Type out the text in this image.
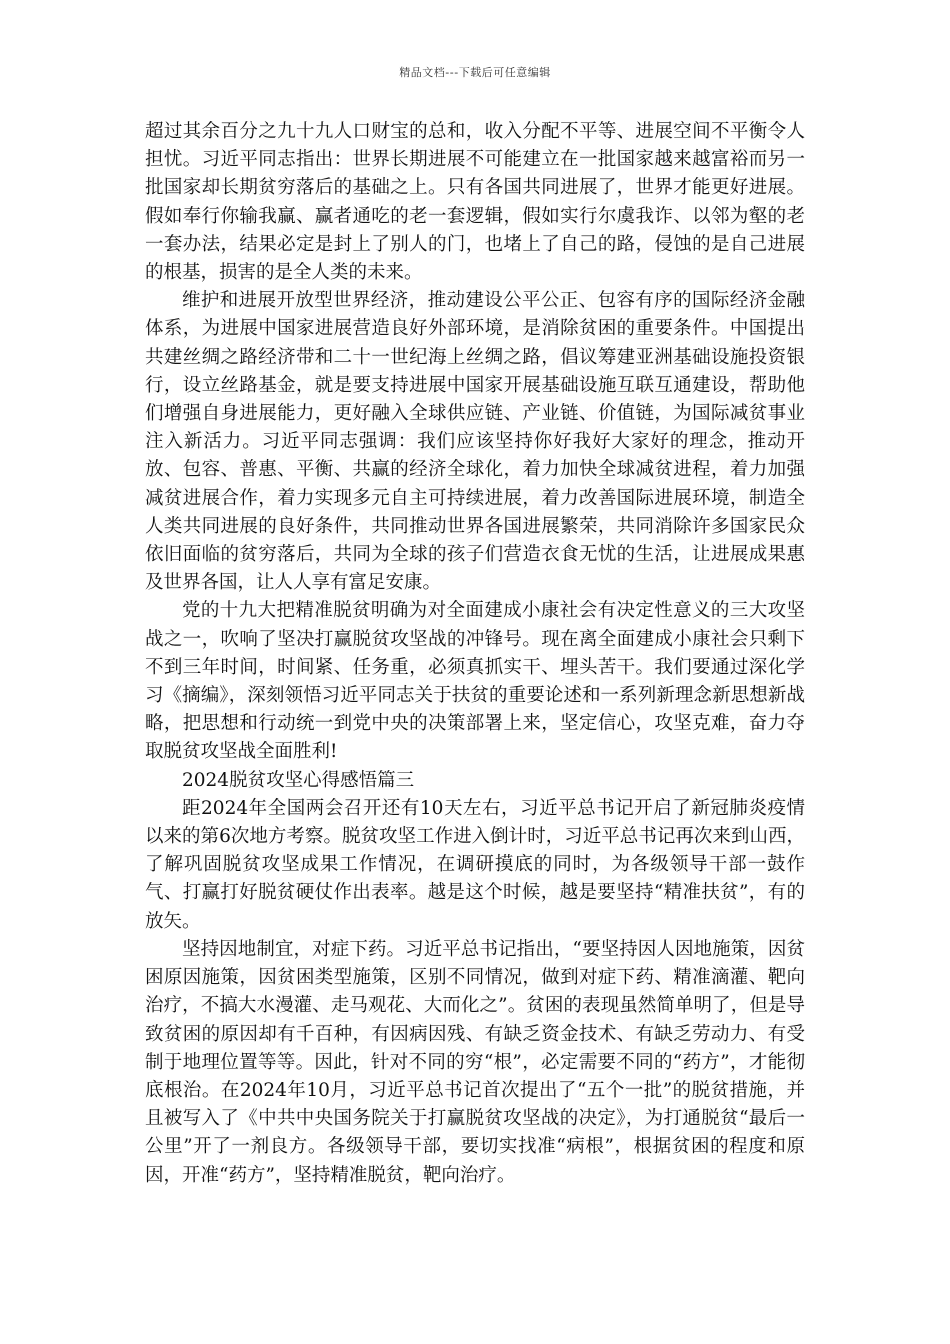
精品文档---下载后可任意编辑

超过其余百分之九十九人口财宝的总和，收入分配不平等、进展空间不平衡令人担忧。习近平同志指出：世界长期进展不可能建立在一批国家越来越富裕而另一批国家却长期贫穷落后的基础之上。只有各国共同进展了，世界才能更好进展。假如奉行你输我赢、赢者通吃的老一套逻辑，假如实行尔虞我诈、以邻为壑的老一套办法，结果必定是封上了别人的门，也堵上了自己的路，侵蚀的是自己进展的根基，损害的是全人类的未来。

维护和进展开放型世界经济，推动建设公平公正、包容有序的国际经济金融体系，为进展中国家进展营造良好外部环境，是消除贫困的重要条件。中国提出共建丝绸之路经济带和二十一世纪海上丝绸之路，倡议筹建亚洲基础设施投资银行，设立丝路基金，就是要支持进展中国家开展基础设施互联互通建设，帮助他们增强自身进展能力，更好融入全球供应链、产业链、价值链，为国际减贫事业注入新活力。习近平同志强调：我们应该坚持你好我好大家好的理念，推动开放、包容、普惠、平衡、共赢的经济全球化，着力加快全球减贫进程，着力加强减贫进展合作，着力实现多元自主可持续进展，着力改善国际进展环境，制造全人类共同进展的良好条件，共同推动世界各国进展繁荣，共同消除许多国家民众依旧面临的贫穷落后，共同为全球的孩子们营造衣食无忧的生活，让进展成果惠及世界各国，让人人享有富足安康。

党的十九大把精准脱贫明确为对全面建成小康社会有决定性意义的三大攻坚战之一，吹响了坚决打赢脱贫攻坚战的冲锋号。现在离全面建成小康社会只剩下不到三年时间，时间紧、任务重，必须真抓实干、埋头苦干。我们要通过深化学习《摘编》，深刻领悟习近平同志关于扶贫的重要论述和一系列新理念新思想新战略，把思想和行动统一到党中央的决策部署上来，坚定信心，攻坚克难，奋力夺取脱贫攻坚战全面胜利!

2024脱贫攻坚心得感悟篇三

距2024年全国两会召开还有10天左右，习近平总书记开启了新冠肺炎疫情以来的第6次地方考察。脱贫攻坚工作进入倒计时，习近平总书记再次来到山西，了解巩固脱贫攻坚成果工作情况，在调研摸底的同时，为各级领导干部一鼓作气、打赢打好脱贫硬仗作出表率。越是这个时候，越是要坚持“精准扶贫”，有的放矢。

坚持因地制宜，对症下药。习近平总书记指出，“要坚持因人因地施策，因贫困原因施策，因贫困类型施策，区别不同情况，做到对症下药、精准滴灌、靶向治疗，不搞大水漫灌、走马观花、大而化之”。贫困的表现虽然简单明了，但是导致贫困的原因却有千百种，有因病因残、有缺乏资金技术、有缺乏劳动力、有受制于地理位置等等。因此，针对不同的穷“根”，必定需要不同的“药方”，才能彻底根治。在2024年10月，习近平总书记首次提出了“五个一批”的脱贫措施，并且被写入了《中共中央国务院关于打赢脱贫攻坚战的决定》，为打通脱贫“最后一公里”开了一剂良方。各级领导干部，要切实找准“病根”，根据贫困的程度和原因，开准“药方”，坚持精准脱贫，靶向治疗。
